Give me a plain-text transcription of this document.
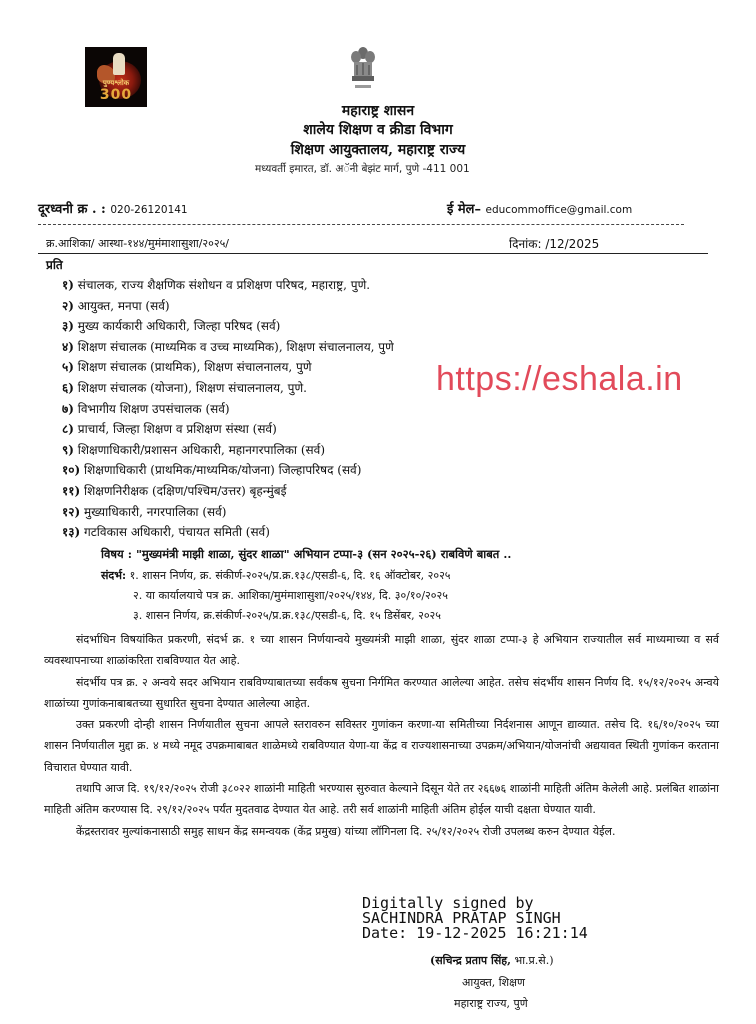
पुण्यश्लोक
300
महाराष्ट्र शासन
शालेय शिक्षण व क्रीडा विभाग
शिक्षण आयुक्तालय, महाराष्ट्र राज्य
मध्यवर्ती इमारत, डॉ. अॅनी बेझंट मार्ग, पुणे -411 001
दूरध्वनी क्र . : 020-26120141	ई मेल– educommoffice@gmail.com
क्र.आशिका/ आस्था-१४४/मुमंमाशासुशा/२०२५/	दिनांक: /12/2025
प्रति
१) संचालक, राज्य शैक्षणिक संशोधन व प्रशिक्षण परिषद, महाराष्ट्र, पुणे.
२) आयुक्त, मनपा (सर्व)
३) मुख्य कार्यकारी अधिकारी, जिल्हा परिषद (सर्व)
४) शिक्षण संचालक (माध्यमिक व उच्च माध्यमिक), शिक्षण संचालनालय, पुणे
५) शिक्षण संचालक (प्राथमिक), शिक्षण संचालनालय, पुणे
६) शिक्षण संचालक (योजना), शिक्षण संचालनालय, पुणे.
७) विभागीय शिक्षण उपसंचालक (सर्व)
८) प्राचार्य, जिल्हा शिक्षण व प्रशिक्षण संस्था (सर्व)
९) शिक्षणाधिकारी/प्रशासन अधिकारी, महानगरपालिका (सर्व)
१०) शिक्षणाधिकारी (प्राथमिक/माध्यमिक/योजना) जिल्हापरिषद (सर्व)
११) शिक्षणनिरीक्षक (दक्षिण/पश्चिम/उत्तर) बृहन्मुंबई
१२) मुख्याधिकारी, नगरपालिका (सर्व)
१३) गटविकास अधिकारी, पंचायत समिती (सर्व)
https://eshala.in
विषय : "मुख्यमंत्री माझी शाळा, सुंदर शाळा" अभियान टप्पा-३ (सन २०२५-२६) राबविणे बाबत ..
संदर्भ: १. शासन निर्णय, क्र. संकीर्ण-२०२५/प्र.क्र.१३८/एसडी-६, दि. १६ ऑक्टोबर, २०२५
२. या कार्यालयाचे पत्र क्र. आशिका/मुमंमाशासुशा/२०२५/१४४, दि. ३०/१०/२०२५
३. शासन निर्णय, क्र.संकीर्ण-२०२५/प्र.क्र.१३८/एसडी-६, दि. १५ डिसेंबर, २०२५

संदर्भाधिन विषयांकित प्रकरणी, संदर्भ क्र. १ च्या शासन निर्णयान्वये मुख्यमंत्री माझी शाळा, सुंदर शाळा टप्पा-३ हे अभियान राज्यातील सर्व माध्यमाच्या व सर्व व्यवस्थापनाच्या शाळांकरिता राबविण्यात येत आहे.

संदर्भीय पत्र क्र. २ अन्वये सदर अभियान राबविण्याबातच्या सर्वंकष सुचना निर्गमित करण्यात आलेल्या आहेत. तसेच संदर्भीय शासन निर्णय दि. १५/१२/२०२५ अन्वये शाळांच्या गुणांकनाबाबतच्या सुधारित सुचना देण्यात आलेल्या आहेत.

उक्त प्रकरणी दोन्ही शासन निर्णयातील सुचना आपले स्तरावरुन सविस्तर गुणांकन करणा-या समितीच्या निर्दशनास आणून द्याव्यात. तसेच दि. १६/१०/२०२५ च्या शासन निर्णयातील मुद्दा क्र. ४ मध्ये नमूद उपक्रमाबाबत शाळेमध्ये राबविण्यात येणा-या केंद्र व राज्यशासनाच्या उपक्रम/अभियान/योजनांची अद्ययावत स्थिती गुणांकन करताना विचारात घेण्यात यावी.

तथापि आज दि. १९/१२/२०२५ रोजी ३८०२२ शाळांनी माहिती भरण्यास सुरुवात केल्याने दिसून येते तर २६६७६ शाळांनी माहिती अंतिम केलेली आहे. प्रलंबित शाळांना माहिती अंतिम करण्यास दि. २९/१२/२०२५ पर्यंत मुदतवाढ देण्यात येत आहे. तरी सर्व शाळांनी माहिती अंतिम होईल याची दक्षता घेण्यात यावी.

केंद्रस्तरावर मुल्यांकनासाठी समुह साधन केंद्र समन्वयक (केंद्र प्रमुख) यांच्या लॉगिनला दि. २५/१२/२०२५ रोजी उपलब्ध करुन देण्यात येईल.

Digitally signed by
SACHINDRA PRATAP SINGH
Date: 19-12-2025 16:21:14
(सचिन्द्र प्रताप सिंह, भा.प्र.से.)
आयुक्त, शिक्षण
महाराष्ट्र राज्य, पुणे
